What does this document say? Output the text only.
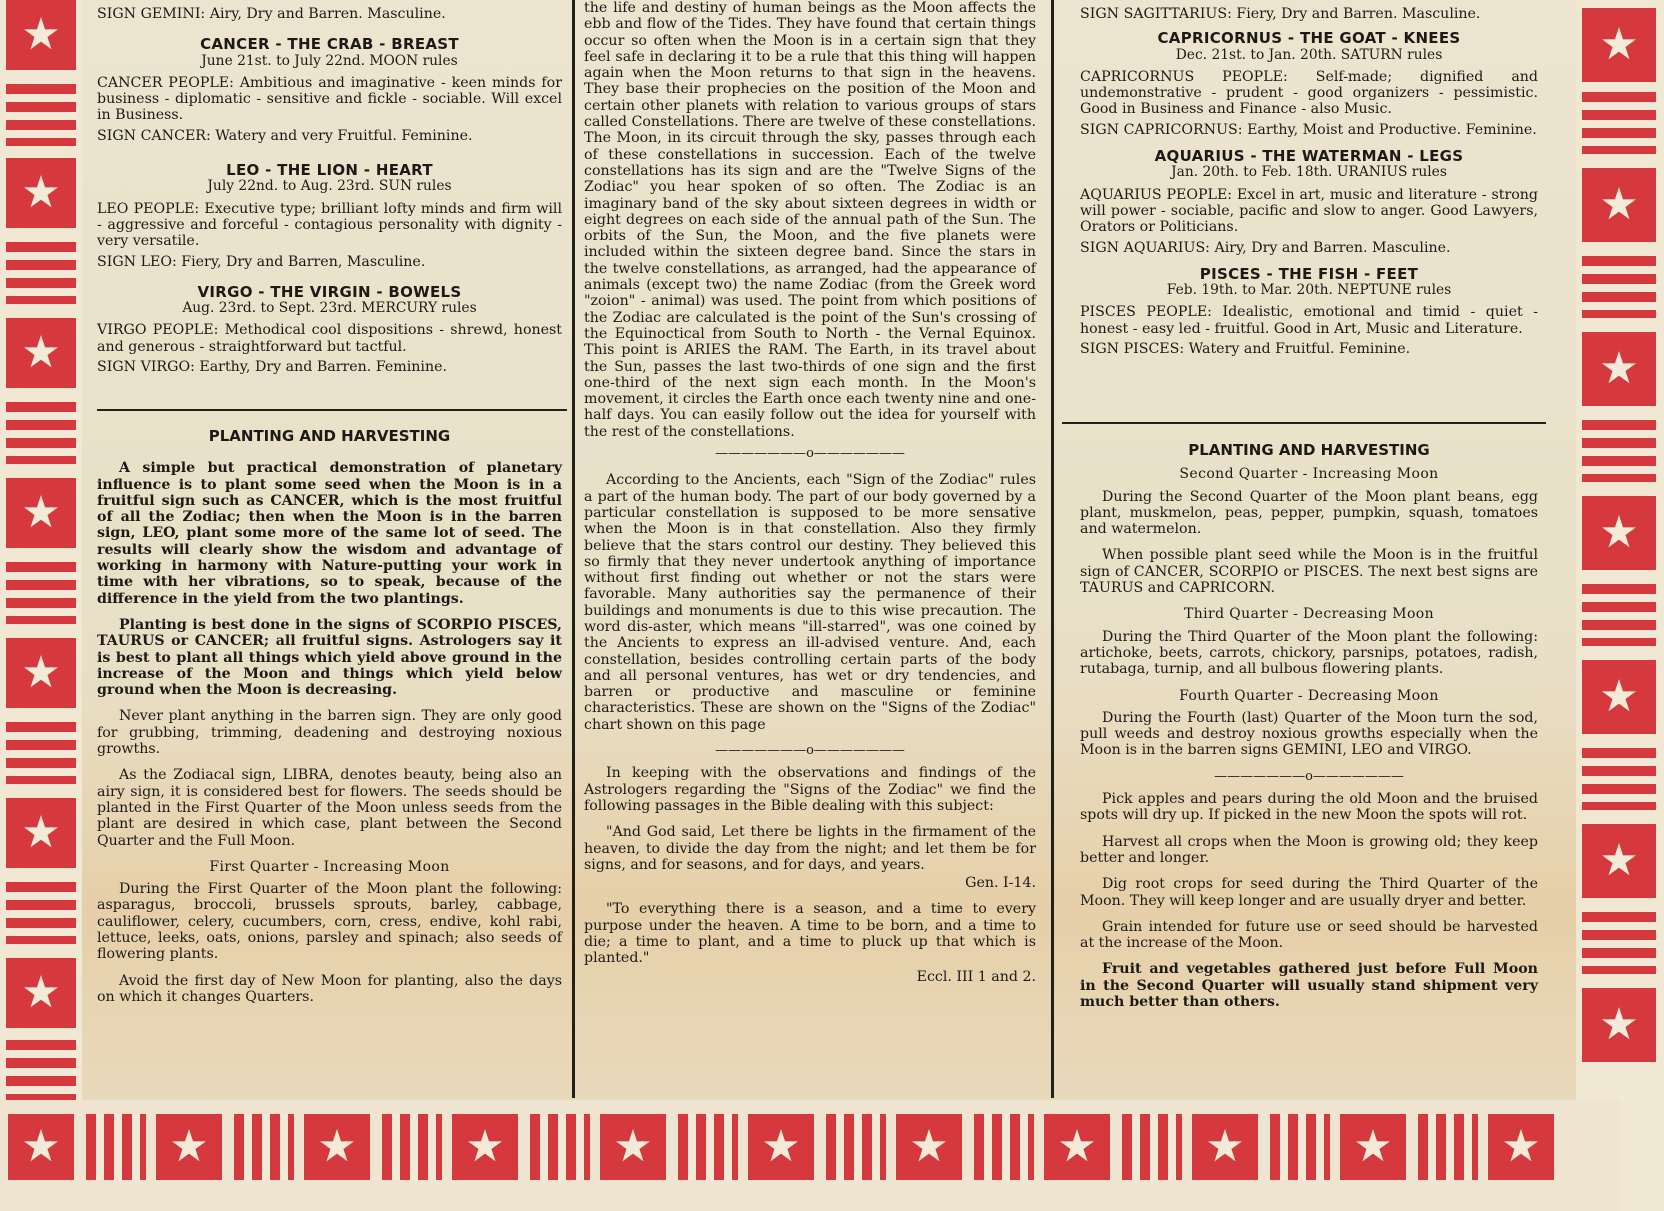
★
★
★
★
★
★
★
★
★
★
★
★
★
★
★	★	★	★	★	★	★	★	★	★	★

SIGN GEMINI: Airy, Dry and Barren. Masculine.

CANCER - THE CRAB - BREAST

June 21st. to July 22nd. MOON rules

CANCER PEOPLE: Ambitious and imaginative - keen minds for business - diplomatic - sensitive and fickle - sociable. Will excel in Business.

SIGN CANCER: Watery and very Fruitful. Feminine.

LEO - THE LION - HEART

July 22nd. to Aug. 23rd. SUN rules

LEO PEOPLE: Executive type; brilliant lofty minds and firm will - aggressive and forceful - contagious personality with dignity - very versatile.

SIGN LEO: Fiery, Dry and Barren, Masculine.

VIRGO - THE VIRGIN - BOWELS

Aug. 23rd. to Sept. 23rd. MERCURY rules

VIRGO PEOPLE: Methodical cool dispositions - shrewd, honest and generous - straightforward but tactful.

SIGN VIRGO: Earthy, Dry and Barren. Feminine.

PLANTING AND HARVESTING

A simple but practical demonstration of planetary influence is to plant some seed when the Moon is in a fruitful sign such as CANCER, which is the most fruitful of all the Zodiac; then when the Moon is in the barren sign, LEO, plant some more of the same lot of seed. The results will clearly show the wisdom and advantage of working in harmony with Nature-putting your work in time with her vibrations, so to speak, because of the difference in the yield from the two plantings.

Planting is best done in the signs of SCORPIO PISCES, TAURUS or CANCER; all fruitful signs. Astrologers say it is best to plant all things which yield above ground in the increase of the Moon and things which yield below ground when the Moon is decreasing.

Never plant anything in the barren sign. They are only good for grubbing, trimming, deadening and destroying noxious growths.

As the Zodiacal sign, LIBRA, denotes beauty, being also an airy sign, it is considered best for flowers. The seeds should be planted in the First Quarter of the Moon unless seeds from the plant are desired in which case, plant between the Second Quarter and the Full Moon.

First Quarter - Increasing Moon

During the First Quarter of the Moon plant the following: asparagus, broccoli, brussels sprouts, barley, cabbage, cauliflower, celery, cucumbers, corn, cress, endive, kohl rabi, lettuce, leeks, oats, onions, parsley and spinach; also seeds of flowering plants.

Avoid the first day of New Moon for planting, also the days on which it changes Quarters.

the life and destiny of human beings as the Moon affects the ebb and flow of the Tides. They have found that certain things occur so often when the Moon is in a certain sign that they feel safe in declaring it to be a rule that this thing will happen again when the Moon returns to that sign in the heavens. They base their prophecies on the position of the Moon and certain other planets with relation to various groups of stars called Constellations. There are twelve of these constellations. The Moon, in its circuit through the sky, passes through each of these constellations in succession. Each of the twelve constellations has its sign and are the "Twelve Signs of the Zodiac" you hear spoken of so often. The Zodiac is an imaginary band of the sky about sixteen degrees in width or eight degrees on each side of the annual path of the Sun. The orbits of the Sun, the Moon, and the five planets were included within the sixteen degree band. Since the stars in the twelve constellations, as arranged, had the appearance of animals (except two) the name Zodiac (from the Greek word "zoion" - animal) was used. The point from which positions of the Zodiac are calculated is the point of the Sun's crossing of the Equinoctical from South to North - the Vernal Equinox. This point is ARIES the RAM. The Earth, in its travel about the Sun, passes the last two-thirds of one sign and the first one-third of the next sign each month. In the Moon's movement, it circles the Earth once each twenty nine and one-half days. You can easily follow out the idea for yourself with the rest of the constellations.

———————o———————

According to the Ancients, each "Sign of the Zodiac" rules a part of the human body. The part of our body governed by a particular constellation is supposed to be more sensative when the Moon is in that constellation. Also they firmly believe that the stars control our destiny. They believed this so firmly that they never undertook anything of importance without first finding out whether or not the stars were favorable. Many authorities say the permanence of their buildings and monuments is due to this wise precaution. The word dis-aster, which means "ill-starred", was one coined by the Ancients to express an ill-advised venture. And, each constellation, besides controlling certain parts of the body and all personal ventures, has wet or dry tendencies, and barren or productive and masculine or feminine characteristics. These are shown on the "Signs of the Zodiac" chart shown on this page

———————o———————

In keeping with the observations and findings of the Astrologers regarding the "Signs of the Zodiac" we find the following passages in the Bible dealing with this subject:

"And God said, Let there be lights in the firmament of the heaven, to divide the day from the night; and let them be for signs, and for seasons, and for days, and years.

Gen. I-14.

"To everything there is a season, and a time to every purpose under the heaven. A time to be born, and a time to die; a time to plant, and a time to pluck up that which is planted."

Eccl. III 1 and 2.

SIGN SAGITTARIUS: Fiery, Dry and Barren. Masculine.

CAPRICORNUS - THE GOAT - KNEES

Dec. 21st. to Jan. 20th. SATURN rules

CAPRICORNUS PEOPLE: Self-made; dignified and undemonstrative - prudent - good organizers - pessimistic. Good in Business and Finance - also Music.

SIGN CAPRICORNUS: Earthy, Moist and Productive. Feminine.

AQUARIUS - THE WATERMAN - LEGS

Jan. 20th. to Feb. 18th. URANIUS rules

AQUARIUS PEOPLE: Excel in art, music and literature - strong will power - sociable, pacific and slow to anger. Good Lawyers, Orators or Politicians.

SIGN AQUARIUS: Airy, Dry and Barren. Masculine.

PISCES - THE FISH - FEET

Feb. 19th. to Mar. 20th. NEPTUNE rules

PISCES PEOPLE: Idealistic, emotional and timid - quiet - honest - easy led - fruitful. Good in Art, Music and Literature.

SIGN PISCES: Watery and Fruitful. Feminine.

PLANTING AND HARVESTING

Second Quarter - Increasing Moon

During the Second Quarter of the Moon plant beans, egg plant, muskmelon, peas, pepper, pumpkin, squash, tomatoes and watermelon.

When possible plant seed while the Moon is in the fruitful sign of CANCER, SCORPIO or PISCES. The next best signs are TAURUS and CAPRICORN.

Third Quarter - Decreasing Moon

During the Third Quarter of the Moon plant the following: artichoke, beets, carrots, chickory, parsnips, potatoes, radish, rutabaga, turnip, and all bulbous flowering plants.

Fourth Quarter - Decreasing Moon

During the Fourth (last) Quarter of the Moon turn the sod, pull weeds and destroy noxious growths especially when the Moon is in the barren signs GEMINI, LEO and VIRGO.

———————o———————

Pick apples and pears during the old Moon and the bruised spots will dry up. If picked in the new Moon the spots will rot.

Harvest all crops when the Moon is growing old; they keep better and longer.

Dig root crops for seed during the Third Quarter of the Moon. They will keep longer and are usually dryer and better.

Grain intended for future use or seed should be harvested at the increase of the Moon.

Fruit and vegetables gathered just before Full Moon in the Second Quarter will usually stand shipment very much better than others.
